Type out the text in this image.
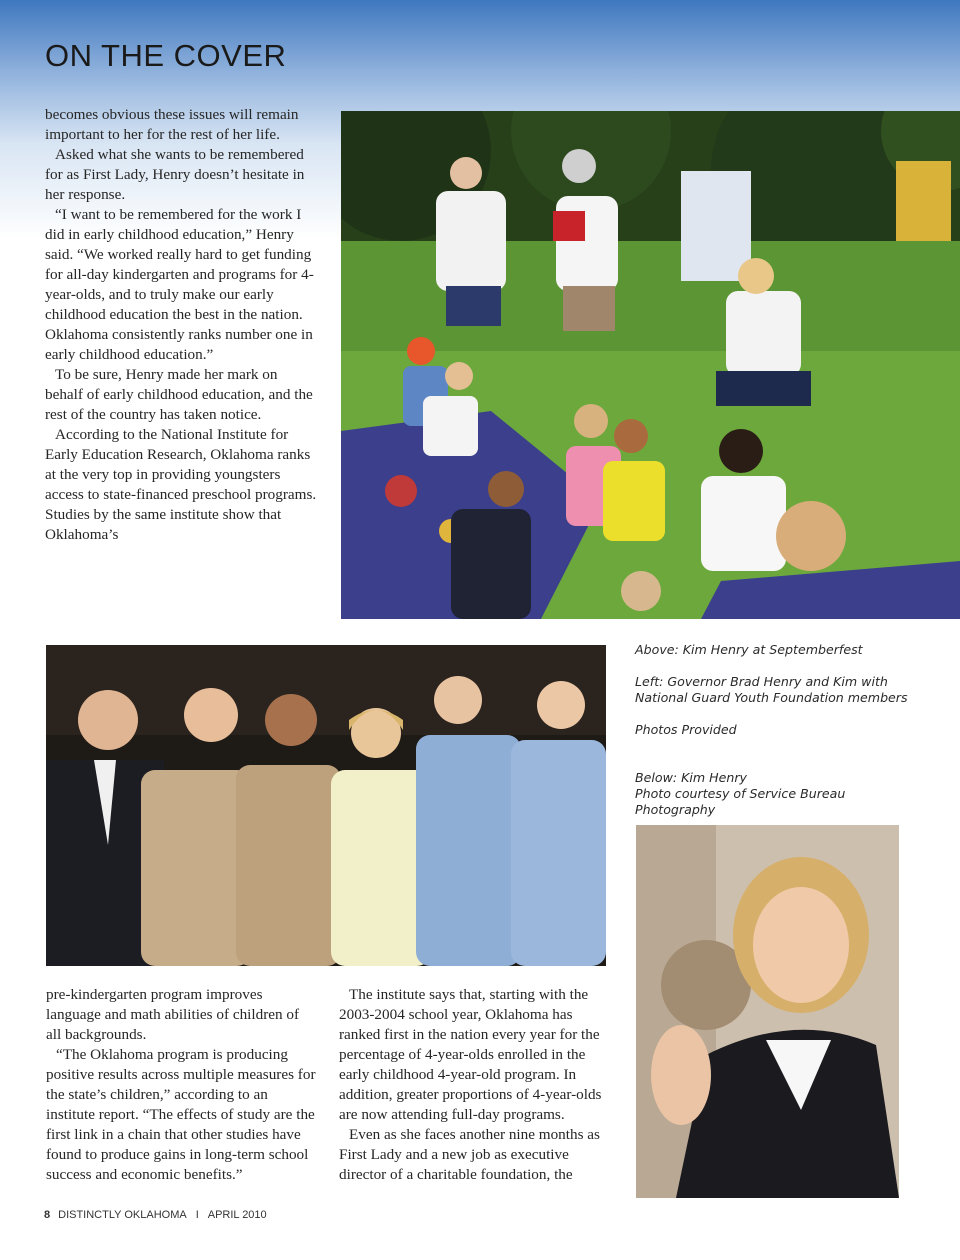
ON THE COVER

becomes obvious these issues will remain important to her for the rest of her life.

Asked what she wants to be remembered for as First Lady, Henry doesn’t hesitate in her response.

“I want to be remembered for the work I did in early childhood education,” Henry said. “We worked really hard to get funding for all-day kindergarten and programs for 4-year-olds, and to truly make our early childhood education the best in the nation. Oklahoma consistently ranks number one in early childhood education.”

To be sure, Henry made her mark on behalf of early childhood education, and the rest of the country has taken notice.

According to the National Institute for Early Education Research, Oklahoma ranks at the very top in providing youngsters access to state-financed preschool programs. Studies by the same institute show that Oklahoma’s

Above: Kim Henry at Septemberfest

Left: Governor Brad Henry and Kim with

National Guard Youth Foundation members

Photos Provided

Below: Kim Henry

Photo courtesy of Service Bureau

Photography

pre-kindergarten program improves language and math abilities of children of all backgrounds.

“The Oklahoma program is producing positive results across multiple measures for the state’s children,” according to an institute report. “The effects of study are the first link in a chain that other studies have found to produce gains in long-term school success and economic benefits.”

The institute says that, starting with the 2003-2004 school year, Oklahoma has ranked first in the nation every year for the percentage of 4-year-olds enrolled in the early childhood 4-year-old program. In addition, greater proportions of 4-year-olds are now attending full-day programs.

Even as she faces another nine months as First Lady and a new job as executive director of a charitable foundation, the

8 DISTINCTLY OKLAHOMA I APRIL 2010
